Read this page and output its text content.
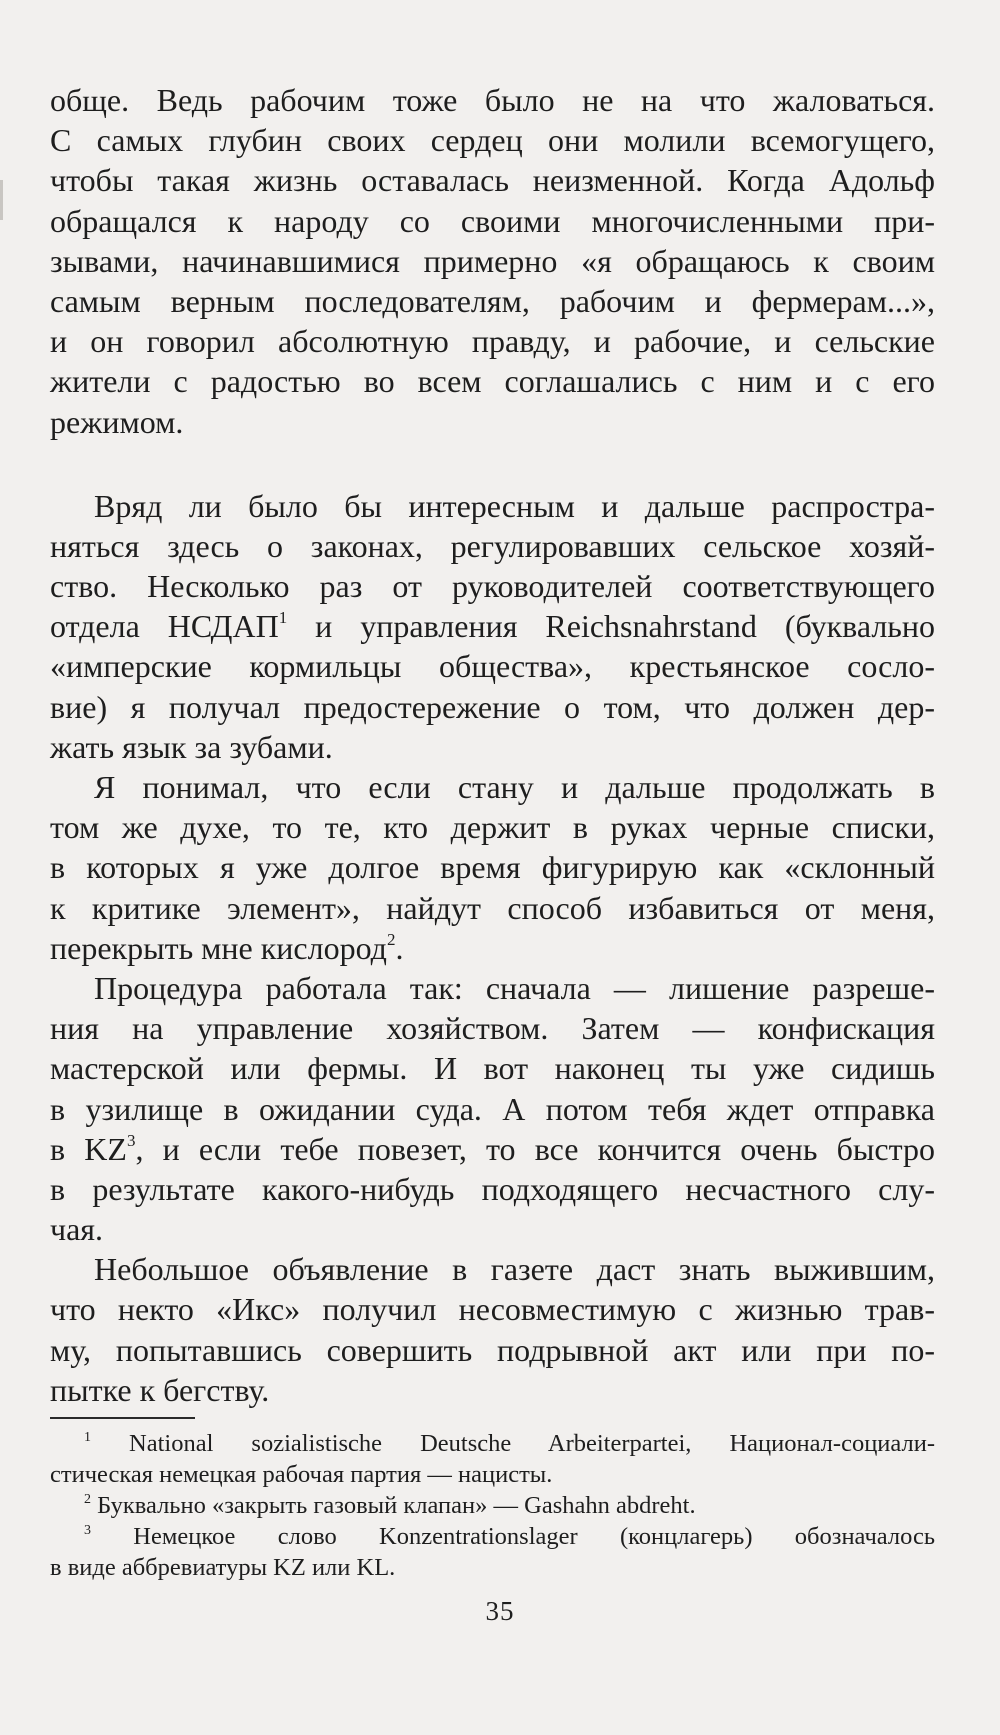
обще. Ведь рабочим тоже было не на что жаловаться.
С самых глубин своих сердец они молили всемогущего,
чтобы такая жизнь оставалась неизменной. Когда Адольф
обращался к народу со своими многочисленными при-
зывами, начинавшимися примерно «я обращаюсь к своим
самым верным последователям, рабочим и фермерам...»,
и он говорил абсолютную правду, и рабочие, и сельские
жители с радостью во всем соглашались с ним и с его
режимом.
Вряд ли было бы интересным и дальше распростра-
няться здесь о законах, регулировавших сельское хозяй-
ство. Несколько раз от руководителей соответствующего
отдела НСДАП$^1$ и управления Reichsnahrstand (буквально
«имперские кормильцы общества», крестьянское сосло-
вие) я получал предостережение о том, что должен дер-
жать язык за зубами.
Я понимал, что если стану и дальше продолжать в
том же духе, то те, кто держит в руках черные списки,
в которых я уже долгое время фигурирую как «склонный
к критике элемент», найдут способ избавиться от меня,
перекрыть мне кислород$^2$.
Процедура работала так: сначала — лишение разреше-
ния на управление хозяйством. Затем — конфискация
мастерской или фермы. И вот наконец ты уже сидишь
в узилище в ожидании суда. А потом тебя ждет отправка
в $KZ^3$, и если тебе повезет, то все кончится очень быстро
в результате какого-нибудь подходящего несчастного слу-
чая.
Небольшое объявление в газете даст знать выжившим,
что некто «Икс» получил несовместимую с жизнью трав-
му, попытавшись совершить подрывной акт или при по-
пытке к бегству.
$^1$ National sozialistische Deutsche Arbeiterpartei, Национал-социали-
стическая немецкая рабочая партия — нацисты.
$^2$ Буквально «закрыть газовый клапан» — Gashahn abdreht.
$^3$ Немецкое слово Konzentrationslager (концлагерь) обозначалось
в виде аббревиатуры KZ или KL.
35
